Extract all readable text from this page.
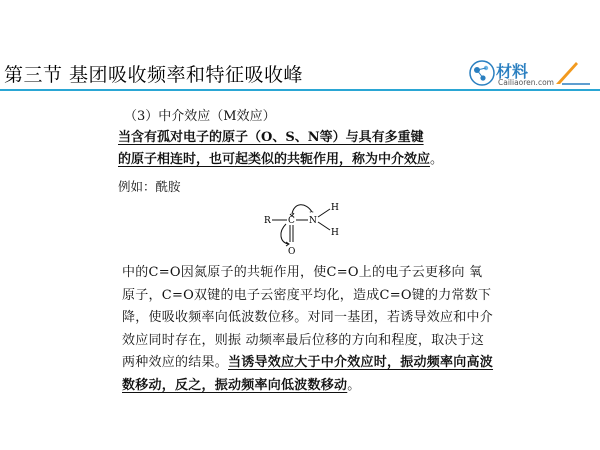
第三节 基团吸收频率和特征吸收峰	材料
Cailiaoren.com
（3）中介效应（M效应）
当含有孤对电子的原子（O、S、N等）与具有多重键
的原子相连时，也可起类似的共轭作用，称为中介效应。
例如：酰胺
R C
··
N
H
H
O
中的C=O因氮原子的共轭作用，使C=O上的电子云更移向 氧原子，C=O双键的电子云密度平均化，造成C=O键的力常数下降，使吸收频率向低波数位移。对同一基团，若诱导效应和中介效应同时存在，则振 动频率最后位移的方向和程度，取决于这两种效应的结果。当诱导效应大于中介效应时，振动频率向高波数移动，反之，振动频率向低波数移动。
